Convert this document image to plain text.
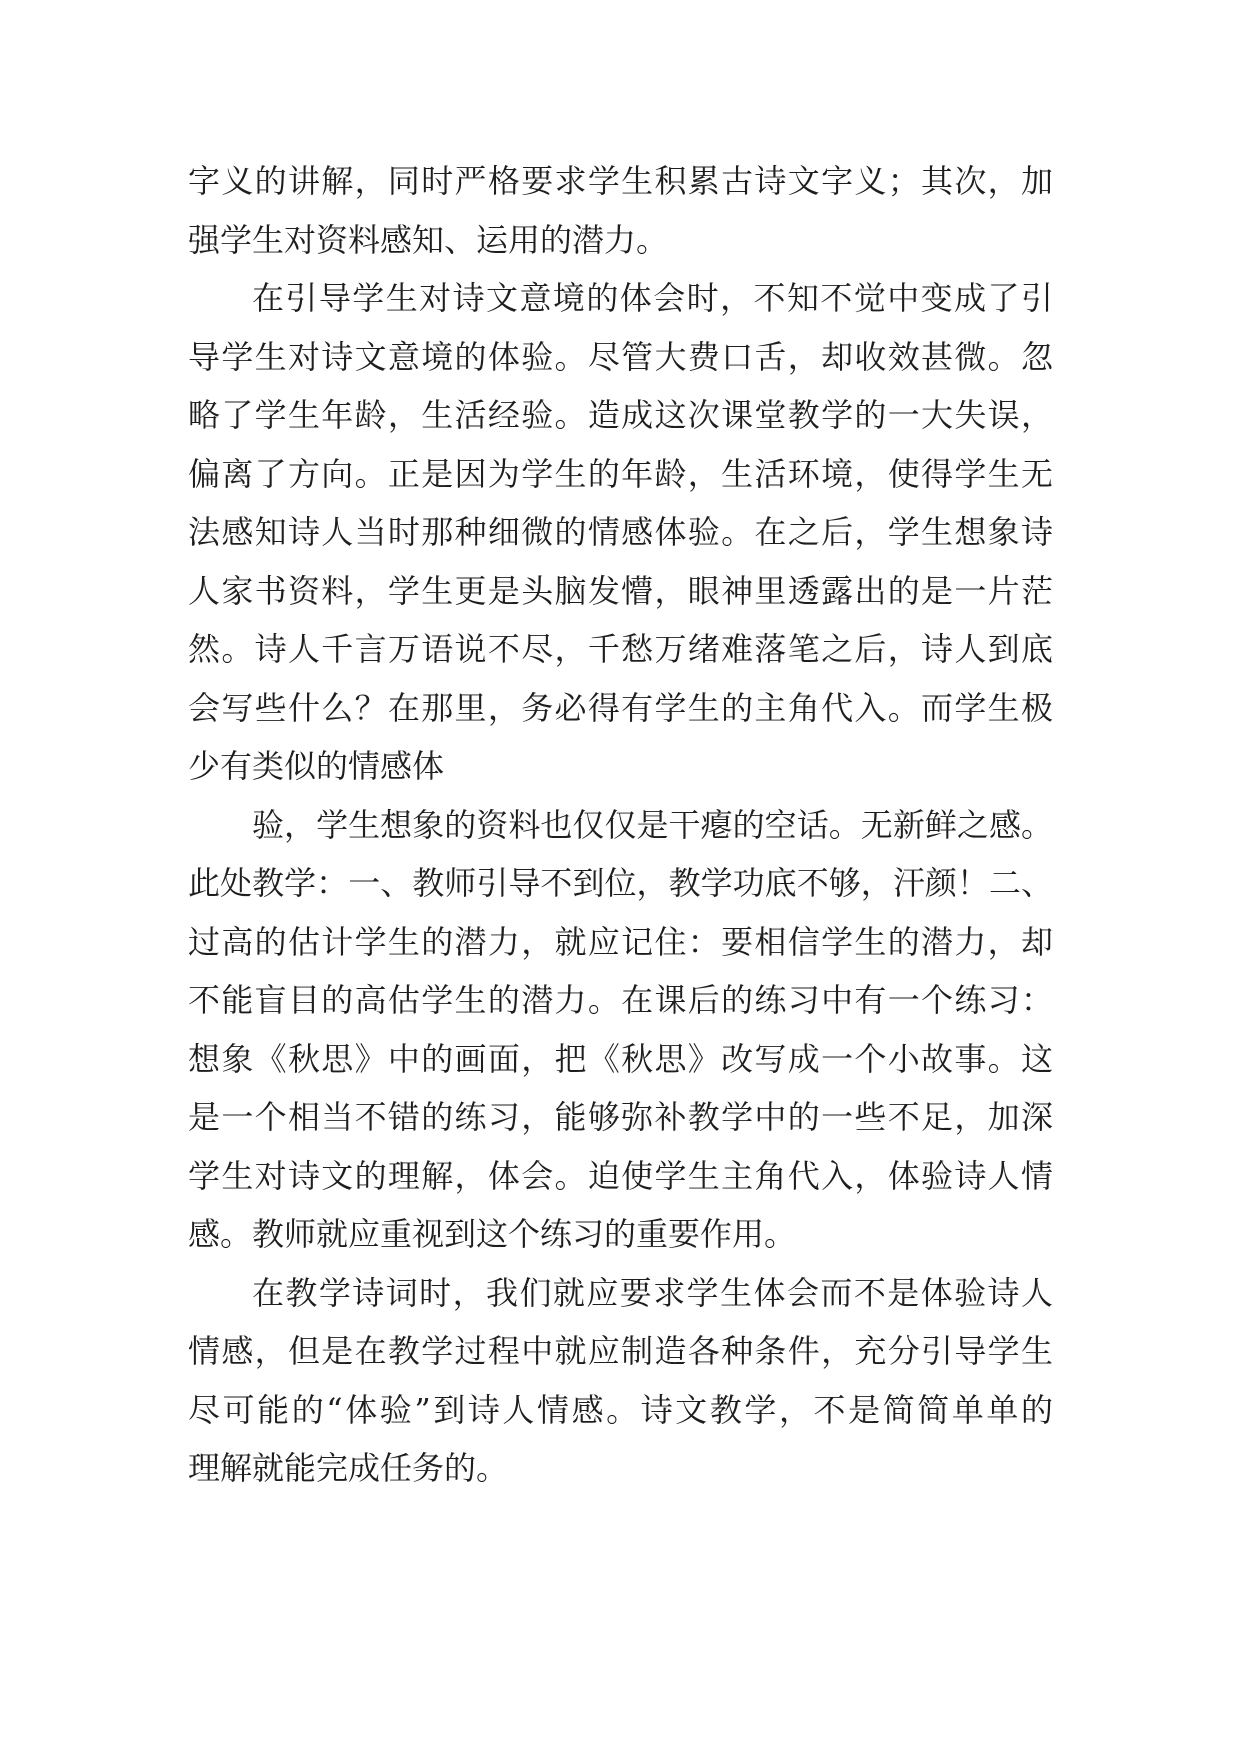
字义的讲解，同时严格要求学生积累古诗文字义；其次，加
强学生对资料感知、运用的潜力。
在引导学生对诗文意境的体会时，不知不觉中变成了引
导学生对诗文意境的体验。尽管大费口舌，却收效甚微。忽
略了学生年龄，生活经验。造成这次课堂教学的一大失误，
偏离了方向。正是因为学生的年龄，生活环境，使得学生无
法感知诗人当时那种细微的情感体验。在之后，学生想象诗
人家书资料，学生更是头脑发懵，眼神里透露出的是一片茫
然。诗人千言万语说不尽，千愁万绪难落笔之后，诗人到底
会写些什么？在那里，务必得有学生的主角代入。而学生极
少有类似的情感体
验，学生想象的资料也仅仅是干瘪的空话。无新鲜之感。
此处教学：一、教师引导不到位，教学功底不够，汗颜！二、
过高的估计学生的潜力，就应记住：要相信学生的潜力，却
不能盲目的高估学生的潜力。在课后的练习中有一个练习：
想象《秋思》中的画面，把《秋思》改写成一个小故事。这
是一个相当不错的练习，能够弥补教学中的一些不足，加深
学生对诗文的理解，体会。迫使学生主角代入，体验诗人情
感。教师就应重视到这个练习的重要作用。
在教学诗词时，我们就应要求学生体会而不是体验诗人
情感，但是在教学过程中就应制造各种条件，充分引导学生
尽可能的“体验”到诗人情感。诗文教学，不是简简单单的
理解就能完成任务的。
